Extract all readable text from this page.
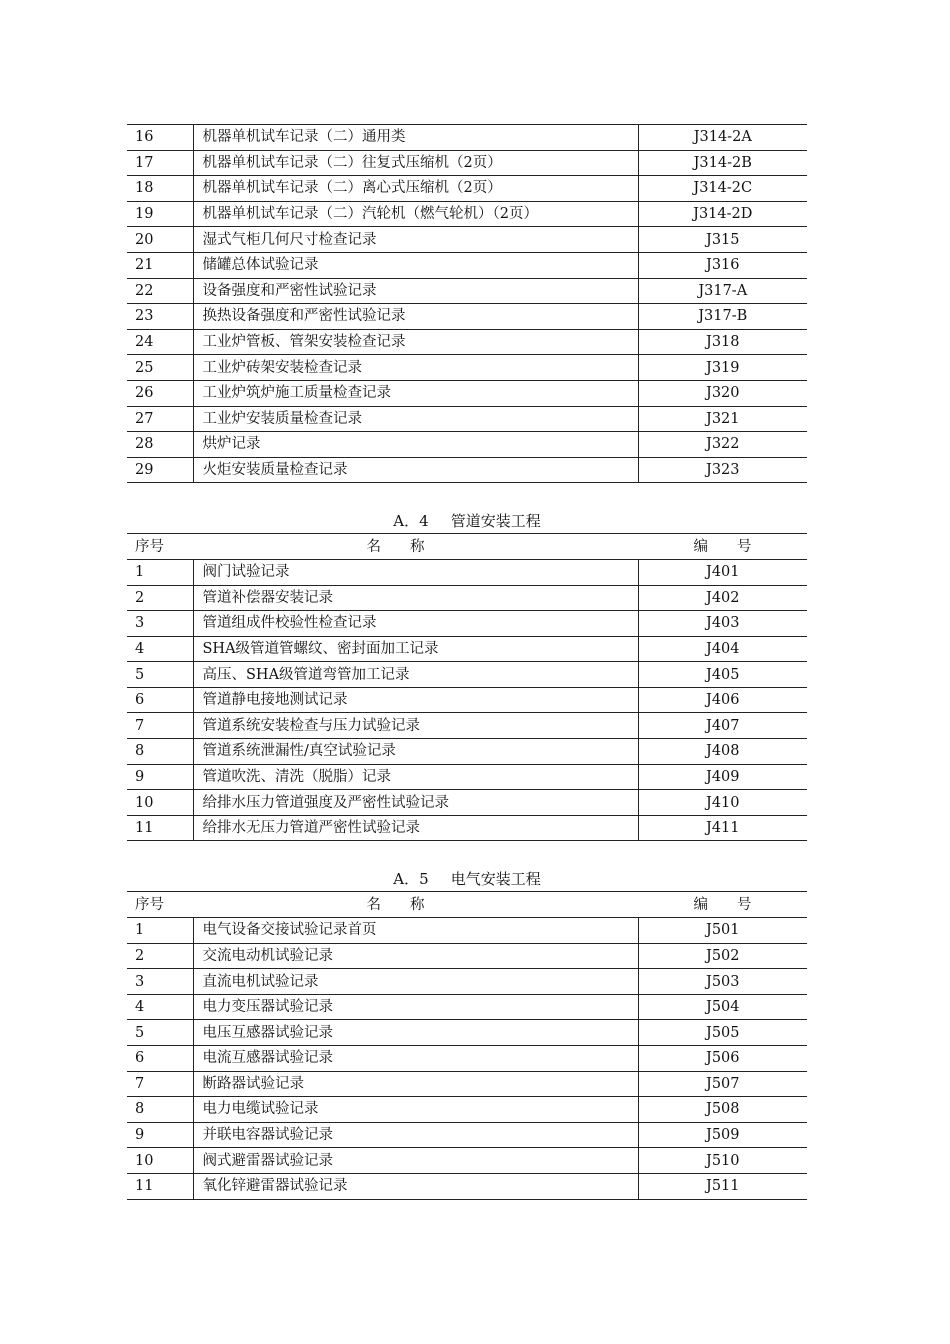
16	机器单机试车记录（二）通用类	J314-2A
17	机器单机试车记录（二）往复式压缩机（2页）	J314-2B
18	机器单机试车记录（二）离心式压缩机（2页）	J314-2C
19	机器单机试车记录（二）汽轮机（燃气轮机）（2页）	J314-2D
20	湿式气柜几何尺寸检查记录	J315
21	储罐总体试验记录	J316
22	设备强度和严密性试验记录	J317-A
23	换热设备强度和严密性试验记录	J317-B
24	工业炉管板、管架安装检查记录	J318
25	工业炉砖架安装检查记录	J319
26	工业炉筑炉施工质量检查记录	J320
27	工业炉安装质量检查记录	J321
28	烘炉记录	J322
29	火炬安装质量检查记录	J323
A．4 管道安装工程
序号	名　　称	编　　号
1	阀门试验记录	J401
2	管道补偿器安装记录	J402
3	管道组成件校验性检查记录	J403
4	SHA级管道管螺纹、密封面加工记录	J404
5	高压、SHA级管道弯管加工记录	J405
6	管道静电接地测试记录	J406
7	管道系统安装检查与压力试验记录	J407
8	管道系统泄漏性/真空试验记录	J408
9	管道吹洗、清洗（脱脂）记录	J409
10	给排水压力管道强度及严密性试验记录	J410
11	给排水无压力管道严密性试验记录	J411
A．5 电气安装工程
序号	名　　称	编　　号
1	电气设备交接试验记录首页	J501
2	交流电动机试验记录	J502
3	直流电机试验记录	J503
4	电力变压器试验记录	J504
5	电压互感器试验记录	J505
6	电流互感器试验记录	J506
7	断路器试验记录	J507
8	电力电缆试验记录	J508
9	并联电容器试验记录	J509
10	阀式避雷器试验记录	J510
11	氧化锌避雷器试验记录	J511
